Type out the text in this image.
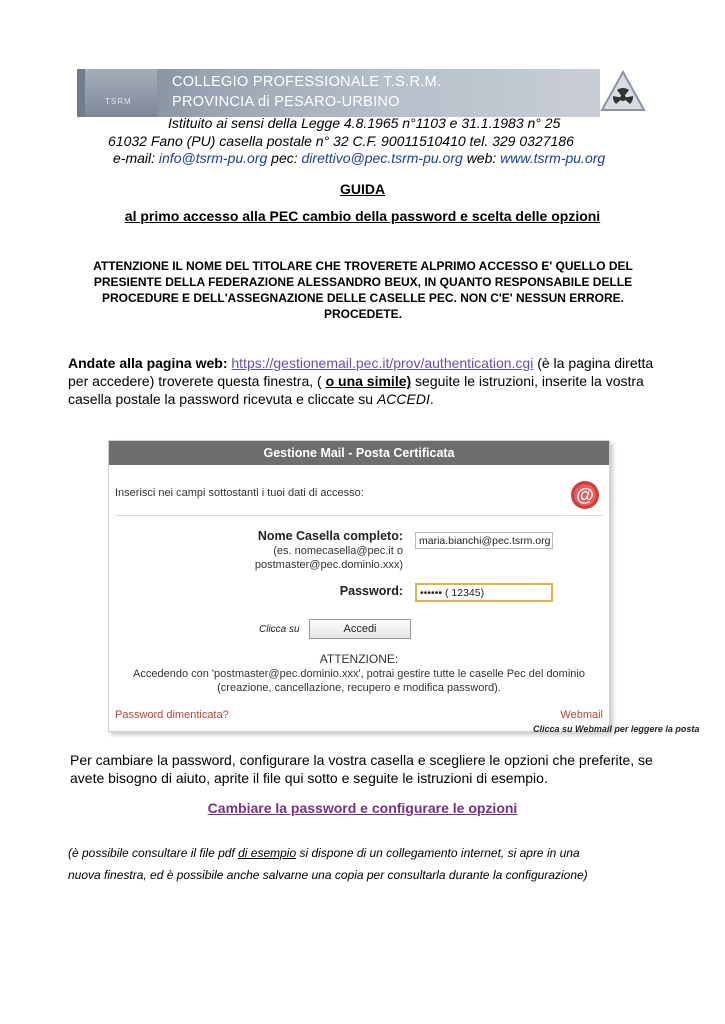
TSRM
COLLEGIO PROFESSIONALE T.S.R.M.
PROVINCIA di PESARO-URBINO
Istituito ai sensi della Legge 4.8.1965 n°1103 e 31.1.1983 n° 25
61032 Fano (PU) casella postale n° 32 C.F. 90011510410 tel. 329 0327186
e-mail: info@tsrm-pu.org pec: direttivo@pec.tsrm-pu.org web: www.tsrm-pu.org
GUIDA
al primo accesso alla PEC cambio della password e scelta delle opzioni
ATTENZIONE IL NOME DEL TITOLARE CHE TROVERETE ALPRIMO ACCESSO E' QUELLO DEL PRESIENTE DELLA FEDERAZIONE ALESSANDRO BEUX, IN QUANTO RESPONSABILE DELLE PROCEDURE E DELL'ASSEGNAZIONE DELLE CASELLE PEC. NON C'E' NESSUN ERRORE. PROCEDETE.
Andate alla pagina web: https://gestionemail.pec.it/prov/authentication.cgi (è la pagina diretta per accedere) troverete questa finestra, ( o una simile) seguite le istruzioni, inserite la vostra casella postale la password ricevuta e cliccate su ACCEDI.
Gestione Mail - Posta Certificata
Inserisci nei campi sottostanti i tuoi dati di accesso:	@
Nome Casella completo:
(es. nomecasella@pec.it o
postmaster@pec.dominio.xxx)
maria.bianchi@pec.tsrm.org
Password:	•••••• ( 12345)
Clicca su	Accedi
ATTENZIONE:
Accedendo con 'postmaster@pec.dominio.xxx', potrai gestire tutte le caselle Pec del dominio (creazione, cancellazione, recupero e modifica password).
Password dimenticata?	Webmail
Clicca su Webmail per leggere la posta
Per cambiare la password, configurare la vostra casella e scegliere le opzioni che preferite, se avete bisogno di aiuto, aprite il file qui sotto e seguite le istruzioni di esempio.
Cambiare la password e configurare le opzioni
(è possibile consultare il file pdf di esempio si dispone di un collegamento internet, si apre in una
nuova finestra, ed è possibile anche salvarne una copia per consultarla durante la configurazione)
